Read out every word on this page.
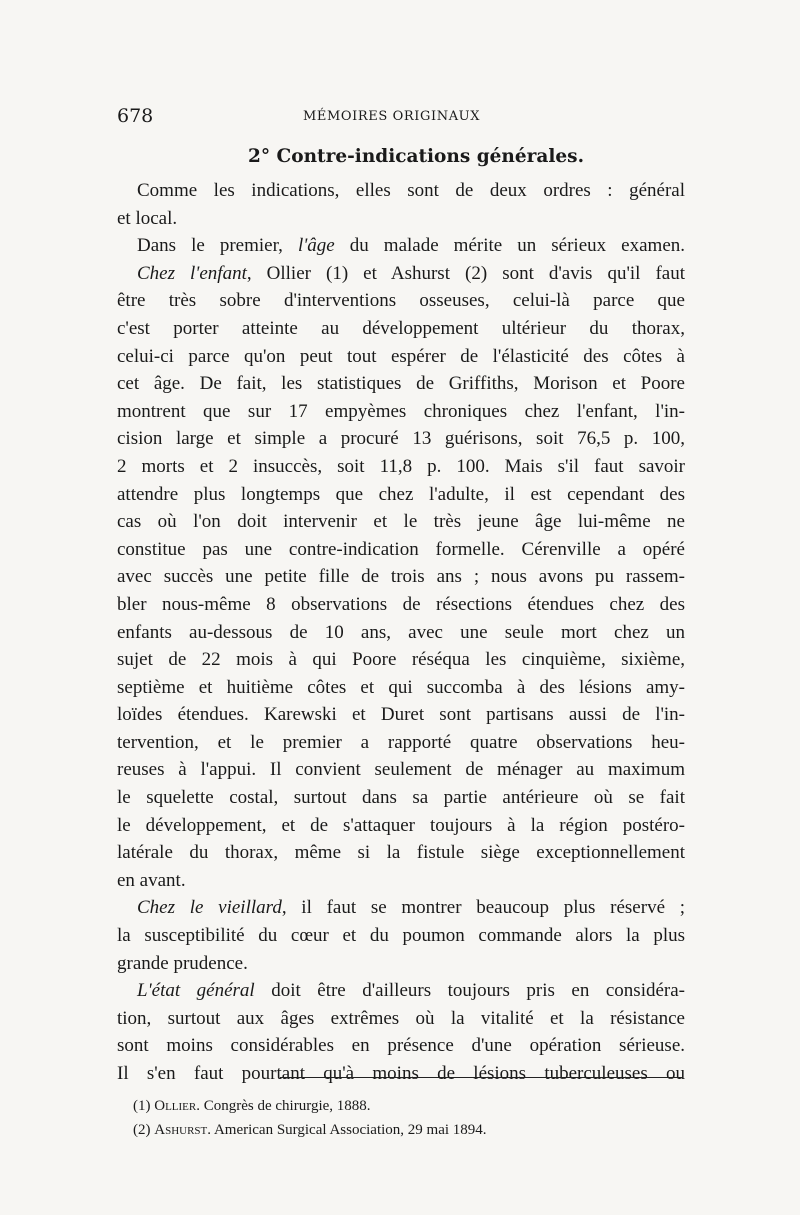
678	MÉMOIRES ORIGINAUX
2° Contre-indications générales.
Comme les indications, elles sont de deux ordres : général
et local.
Dans le premier, l'âge du malade mérite un sérieux examen.
Chez l'enfant, Ollier (1) et Ashurst (2) sont d'avis qu'il faut
être très sobre d'interventions osseuses, celui-là parce que
c'est porter atteinte au développement ultérieur du thorax,
celui-ci parce qu'on peut tout espérer de l'élasticité des côtes à
cet âge. De fait, les statistiques de Griffiths, Morison et Poore
montrent que sur 17 empyèmes chroniques chez l'enfant, l'in-
cision large et simple a procuré 13 guérisons, soit 76,5 p. 100,
2 morts et 2 insuccès, soit 11,8 p. 100. Mais s'il faut savoir
attendre plus longtemps que chez l'adulte, il est cependant des
cas où l'on doit intervenir et le très jeune âge lui-même ne
constitue pas une contre-indication formelle. Cérenville a opéré
avec succès une petite fille de trois ans ; nous avons pu rassem-
bler nous-même 8 observations de résections étendues chez des
enfants au-dessous de 10 ans, avec une seule mort chez un
sujet de 22 mois à qui Poore réséqua les cinquième, sixième,
septième et huitième côtes et qui succomba à des lésions amy-
loïdes étendues. Karewski et Duret sont partisans aussi de l'in-
tervention, et le premier a rapporté quatre observations heu-
reuses à l'appui. Il convient seulement de ménager au maximum
le squelette costal, surtout dans sa partie antérieure où se fait
le développement, et de s'attaquer toujours à la région postéro-
latérale du thorax, même si la fistule siège exceptionnellement
en avant.
Chez le vieillard, il faut se montrer beaucoup plus réservé ;
la susceptibilité du cœur et du poumon commande alors la plus
grande prudence.
L'état général doit être d'ailleurs toujours pris en considéra-
tion, surtout aux âges extrêmes où la vitalité et la résistance
sont moins considérables en présence d'une opération sérieuse.
Il s'en faut pourtant qu'à moins de lésions tuberculeuses ou
(1) Ollier. Congrès de chirurgie, 1888.
(2) Ashurst. American Surgical Association, 29 mai 1894.
